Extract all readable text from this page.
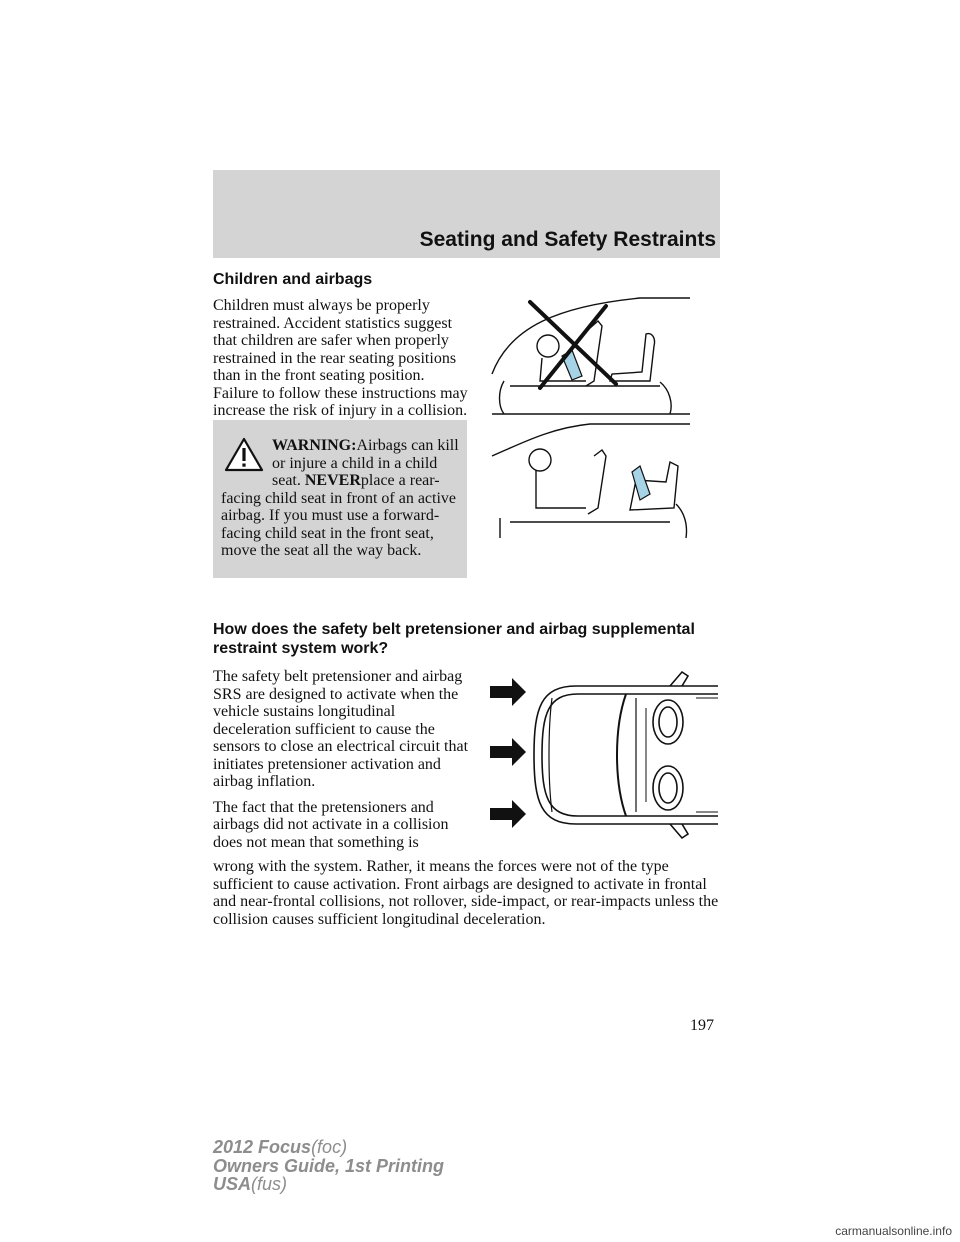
Seating and Safety Restraints
Children and airbags

Children must always be properly restrained. Accident statistics suggest that children are safer when properly restrained in the rear seating positions than in the front seating position. Failure to follow these instructions may increase the risk of injury in a collision.

WARNING:Airbags can kill or injure a child in a child seat. NEVERplace a rear-facing child seat in front of an active airbag. If you must use a forward-facing child seat in the front seat, move the seat all the way back.

How does the safety belt pretensioner and airbag supplemental restraint system work?

The safety belt pretensioner and airbag SRS are designed to activate when the vehicle sustains longitudinal deceleration sufficient to cause the sensors to close an electrical circuit that initiates pretensioner activation and airbag inflation.

The fact that the pretensioners and airbags did not activate in a collision does not mean that something is

wrong with the system. Rather, it means the forces were not of the type sufficient to cause activation. Front airbags are designed to activate in frontal and near-frontal collisions, not rollover, side-impact, or rear-impacts unless the collision causes sufficient longitudinal deceleration.

197
2012 Focus(foc)
Owners Guide, 1st Printing
USA(fus)
carmanualsonline.info
